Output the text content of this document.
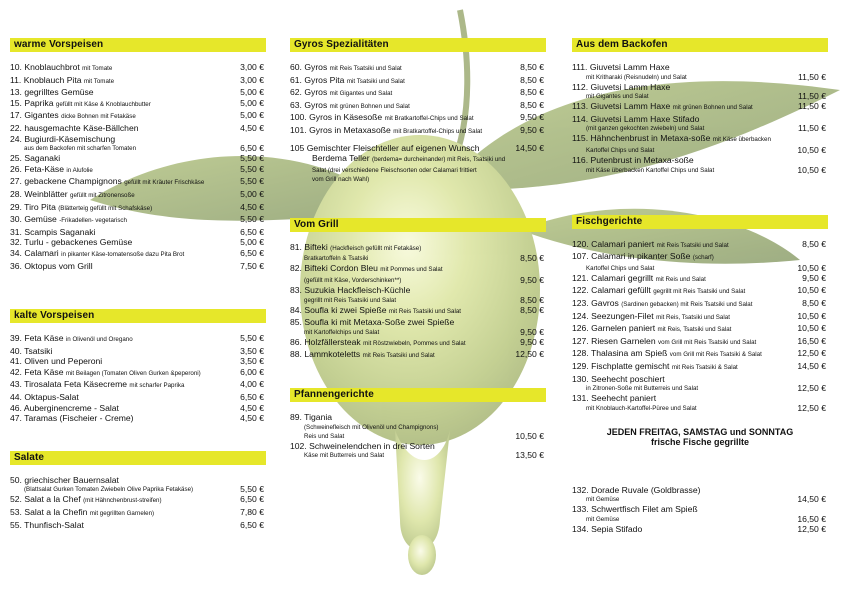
warme Vorspeisen
10. Knoblauchbrot mit Tomate	3,00 €
11. Knoblauch Pita mit Tomate	3,00 €
13. gegrilltes Gemüse	5,00 €
15. Paprika gefüllt mit Käse & Knoblauchbutter	5,00 €
17. Gigantes dicke Bohnen mit Fetakäse	5,00 €
22. hausgemachte Käse-Bällchen	4,50 €
24. Bugiurdi-Käsemischung
aus dem Backofen mit scharfen Tomaten	6,50 €
25. Saganaki	5,50 €
26. Feta-Käse in Alufolie	5,50 €
27. gebackene Champignons gefüllt mit Kräuter Frischkäse	5,50 €
28. Weinblätter gefüllt mit Zitronensoße	5,00 €
29. Tiro Pita (Blätterteig gefüllt mit Schafskäse)	4,50 €
30. Gemüse -Frikadellen- vegetarisch	5,50 €
31. Scampis Saganaki	6,50 €
32. Turlu - gebackenes Gemüse	5,00 €
34. Calamari in pikanter Käse-tomatensoße dazu Pita Brot	6,50 €
36. Oktopus vom Grill	7,50 €
kalte Vorspeisen
39. Feta Käse in Olivenöl und Oregano	5,50 €
40. Tsatsiki	3,50 €
41. Oliven und Peperoni	3,50 €
42. Feta Käse mit Beilagen (Tomaten Oliven Gurken &peperoni)	6,00 €
43. Tirosalata Feta Käsecreme mit scharfer Paprika	4,00 €
44. Oktapus-Salat	6,50 €
46. Auberginencreme - Salat	4,50 €
47. Taramas (Fischeier - Creme)	4,50 €
Salate
50. griechischer Bauernsalat
(Blattsalat Gurken Tomaten Zwiebeln Olive Paprika Fetakäse)	5,50 €
52. Salat a la Chef (mit Hähnchenbrust-streifen)	6,50 €
53. Salat a la Chefin mit gegrillten Garnelen)	7,80 €
55. Thunfisch-Salat	6,50 €
Gyros Spezialitäten
60. Gyros mit Reis Tsatsiki und Salat	8,50 €
61. Gyros Pita mit Tsatsiki und Salat	8,50 €
62. Gyros mit Gigantes und Salat	8,50 €
63. Gyros mit grünen Bohnen und Salat	8,50 €
100. Gyros in Käsesoße mit Bratkartoffel-Chips und Salat	9,50 €
101. Gyros in Metaxasoße mit Bratkartoffel-Chips und Salat	9,50 €
105 Gemischter Fleischteller auf eigenen Wunsch	14,50 €
Berdema Teller (berdema= durcheinander) mit Reis, Tsatsiki und
Salat (drei verschiedene Fleischsorten oder Calamari frittiert
vom Grill nach Wahl)
Vom Grill
81. Bifteki (Hackfleisch gefüllt mit Fetakäse)
Bratkartoffeln & Tsatsiki	8,50 €
82. Bifteki Cordon Bleu mit Pommes und Salat
(gefüllt mit Käse, Vorderschinken**)	9,50 €
83. Suzukia Hackfleisch-Küchle
gegrillt mit Reis Tsatsiki und Salat	8,50 €
84. Soufla ki zwei Spieße mit Reis Tsatsiki und Salat	8,50 €
85. Soufla ki mit Metaxa-Soße zwei Spieße
mit Kartoffelchips und Salat	9,50 €
86. Holzfällersteak mit Röstzwiebeln, Pommes und Salat	9,50 €
88. Lammkoteletts mit Reis Tsatsiki und Salat	12,50 €
Pfannengerichte
89. Tigania
(Schweinefleisch mit Olivenöl und Champignons)
Reis und Salat	10,50 €
102. Schweinelendchen in drei Sorten
Käse mit Butterreis und Salat	13,50 €
Aus dem Backofen
111. Giuvetsi Lamm Haxe
mit Kritharaki (Reisnudeln) und Salat	11,50 €
112. Giuvetsi Lamm Haxe
mit Gigantes und Salat	11,50 €
113. Giuvetsi Lamm Haxe mit grünen Bohnen und Salat	11,50 €
114. Giuvetsi Lamm Haxe Stifado
(mit ganzen gekochten zwiebeln) und Salat	11,50 €
115. Hähnchenbrust in Metaxa-soße mit Käse überbacken
Kartoffel Chips und Salat	10,50 €
116. Putenbrust in Metaxa-soße
mit Käse überbacken Kartoffel Chips und Salat	10,50 €
Fischgerichte
120. Calamari paniert mit Reis Tsatsiki und Salat	8,50 €
107. Calamari in pikanter Soße (scharf)
Kartoffel Chips und Salat	10,50 €
121. Calamari gegrillt mit Reis und Salat	9,50 €
122. Calamari gefüllt gegrillt mit Reis Tsatsiki und Salat	10,50 €
123. Gavros (Sardinen gebacken) mit Reis Tsatsiki und Salat	8,50 €
124. Seezungen-Filet mit Reis, Tsatsiki und Salat	10,50 €
126. Garnelen paniert mit Reis, Tsatsiki und Salat	10,50 €
127. Riesen Garnelen vom Grill mit Reis Tsatsiki und Salat	16,50 €
128. Thalasina am Spieß vom Grill mit Reis Tsatsiki & Salat	12,50 €
129. Fischplatte gemischt mit Reis Tsatsiki & Salat	14,50 €
130. Seehecht poschiert
in Zitronen-Soße mit Butterreis und Salat	12,50 €
131. Seehecht paniert
mit Knoblauch-Kartoffel-Püree und Salat	12,50 €
JEDEN FREITAG, SAMSTAG und SONNTAG
frische Fische gegrillte
132. Dorade Ruvale (Goldbrasse)
mit Gemüse	14,50 €
133. Schwertfisch Filet am Spieß
mit Gemüse	16,50 €
134. Sepia Stifado	12,50 €
